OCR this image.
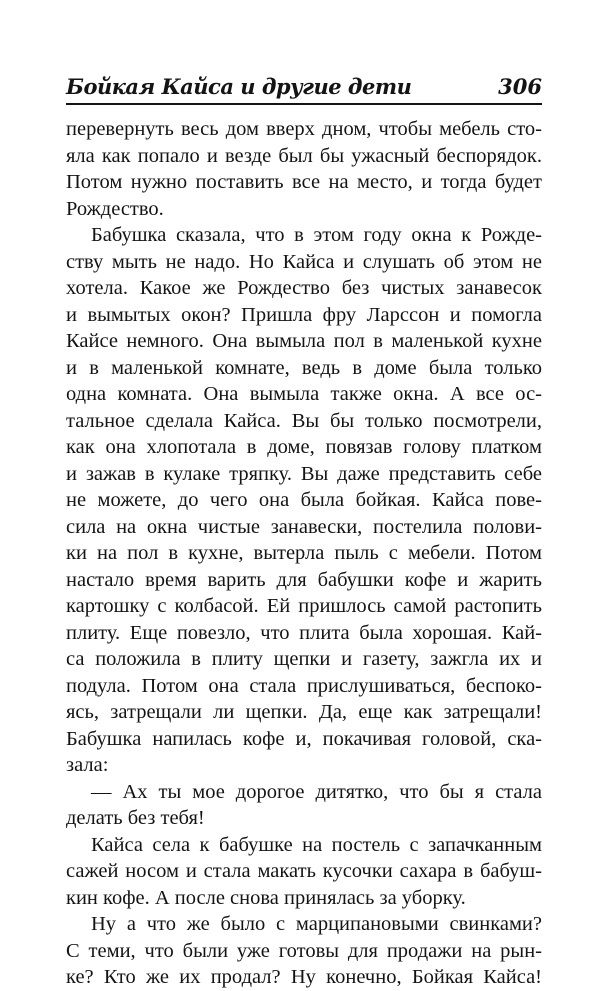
Бойкая Кайса и другие дети	306
перевернуть весь дом вверх дном, чтобы мебель сто-
яла как попало и везде был бы ужасный беспорядок.
Потом нужно поставить все на место, и тогда будет
Рождество.
Бабушка сказала, что в этом году окна к Рожде-
ству мыть не надо. Но Кайса и слушать об этом не
хотела. Какое же Рождество без чистых занавесок
и вымытых окон? Пришла фру Ларссон и помогла
Кайсе немного. Она вымыла пол в маленькой кухне
и в маленькой комнате, ведь в доме была только
одна комната. Она вымыла также окна. А все ос-
тальное сделала Кайса. Вы бы только посмотрели,
как она хлопотала в доме, повязав голову платком
и зажав в кулаке тряпку. Вы даже представить себе
не можете, до чего она была бойкая. Кайса пове-
сила на окна чистые занавески, постелила полови-
ки на пол в кухне, вытерла пыль с мебели. Потом
настало время варить для бабушки кофе и жарить
картошку с колбасой. Ей пришлось самой растопить
плиту. Еще повезло, что плита была хорошая. Кай-
са положила в плиту щепки и газету, зажгла их и
подула. Потом она стала прислушиваться, беспоко-
ясь, затрещали ли щепки. Да, еще как затрещали!
Бабушка напилась кофе и, покачивая головой, ска-
зала:
— Ах ты мое дорогое дитятко, что бы я стала
делать без тебя!
Кайса села к бабушке на постель с запачканным
сажей носом и стала макать кусочки сахара в бабуш-
кин кофе. А после снова принялась за уборку.
Ну а что же было с марципановыми свинками?
С теми, что были уже готовы для продажи на рын-
ке? Кто же их продал? Ну конечно, Бойкая Кайса!
